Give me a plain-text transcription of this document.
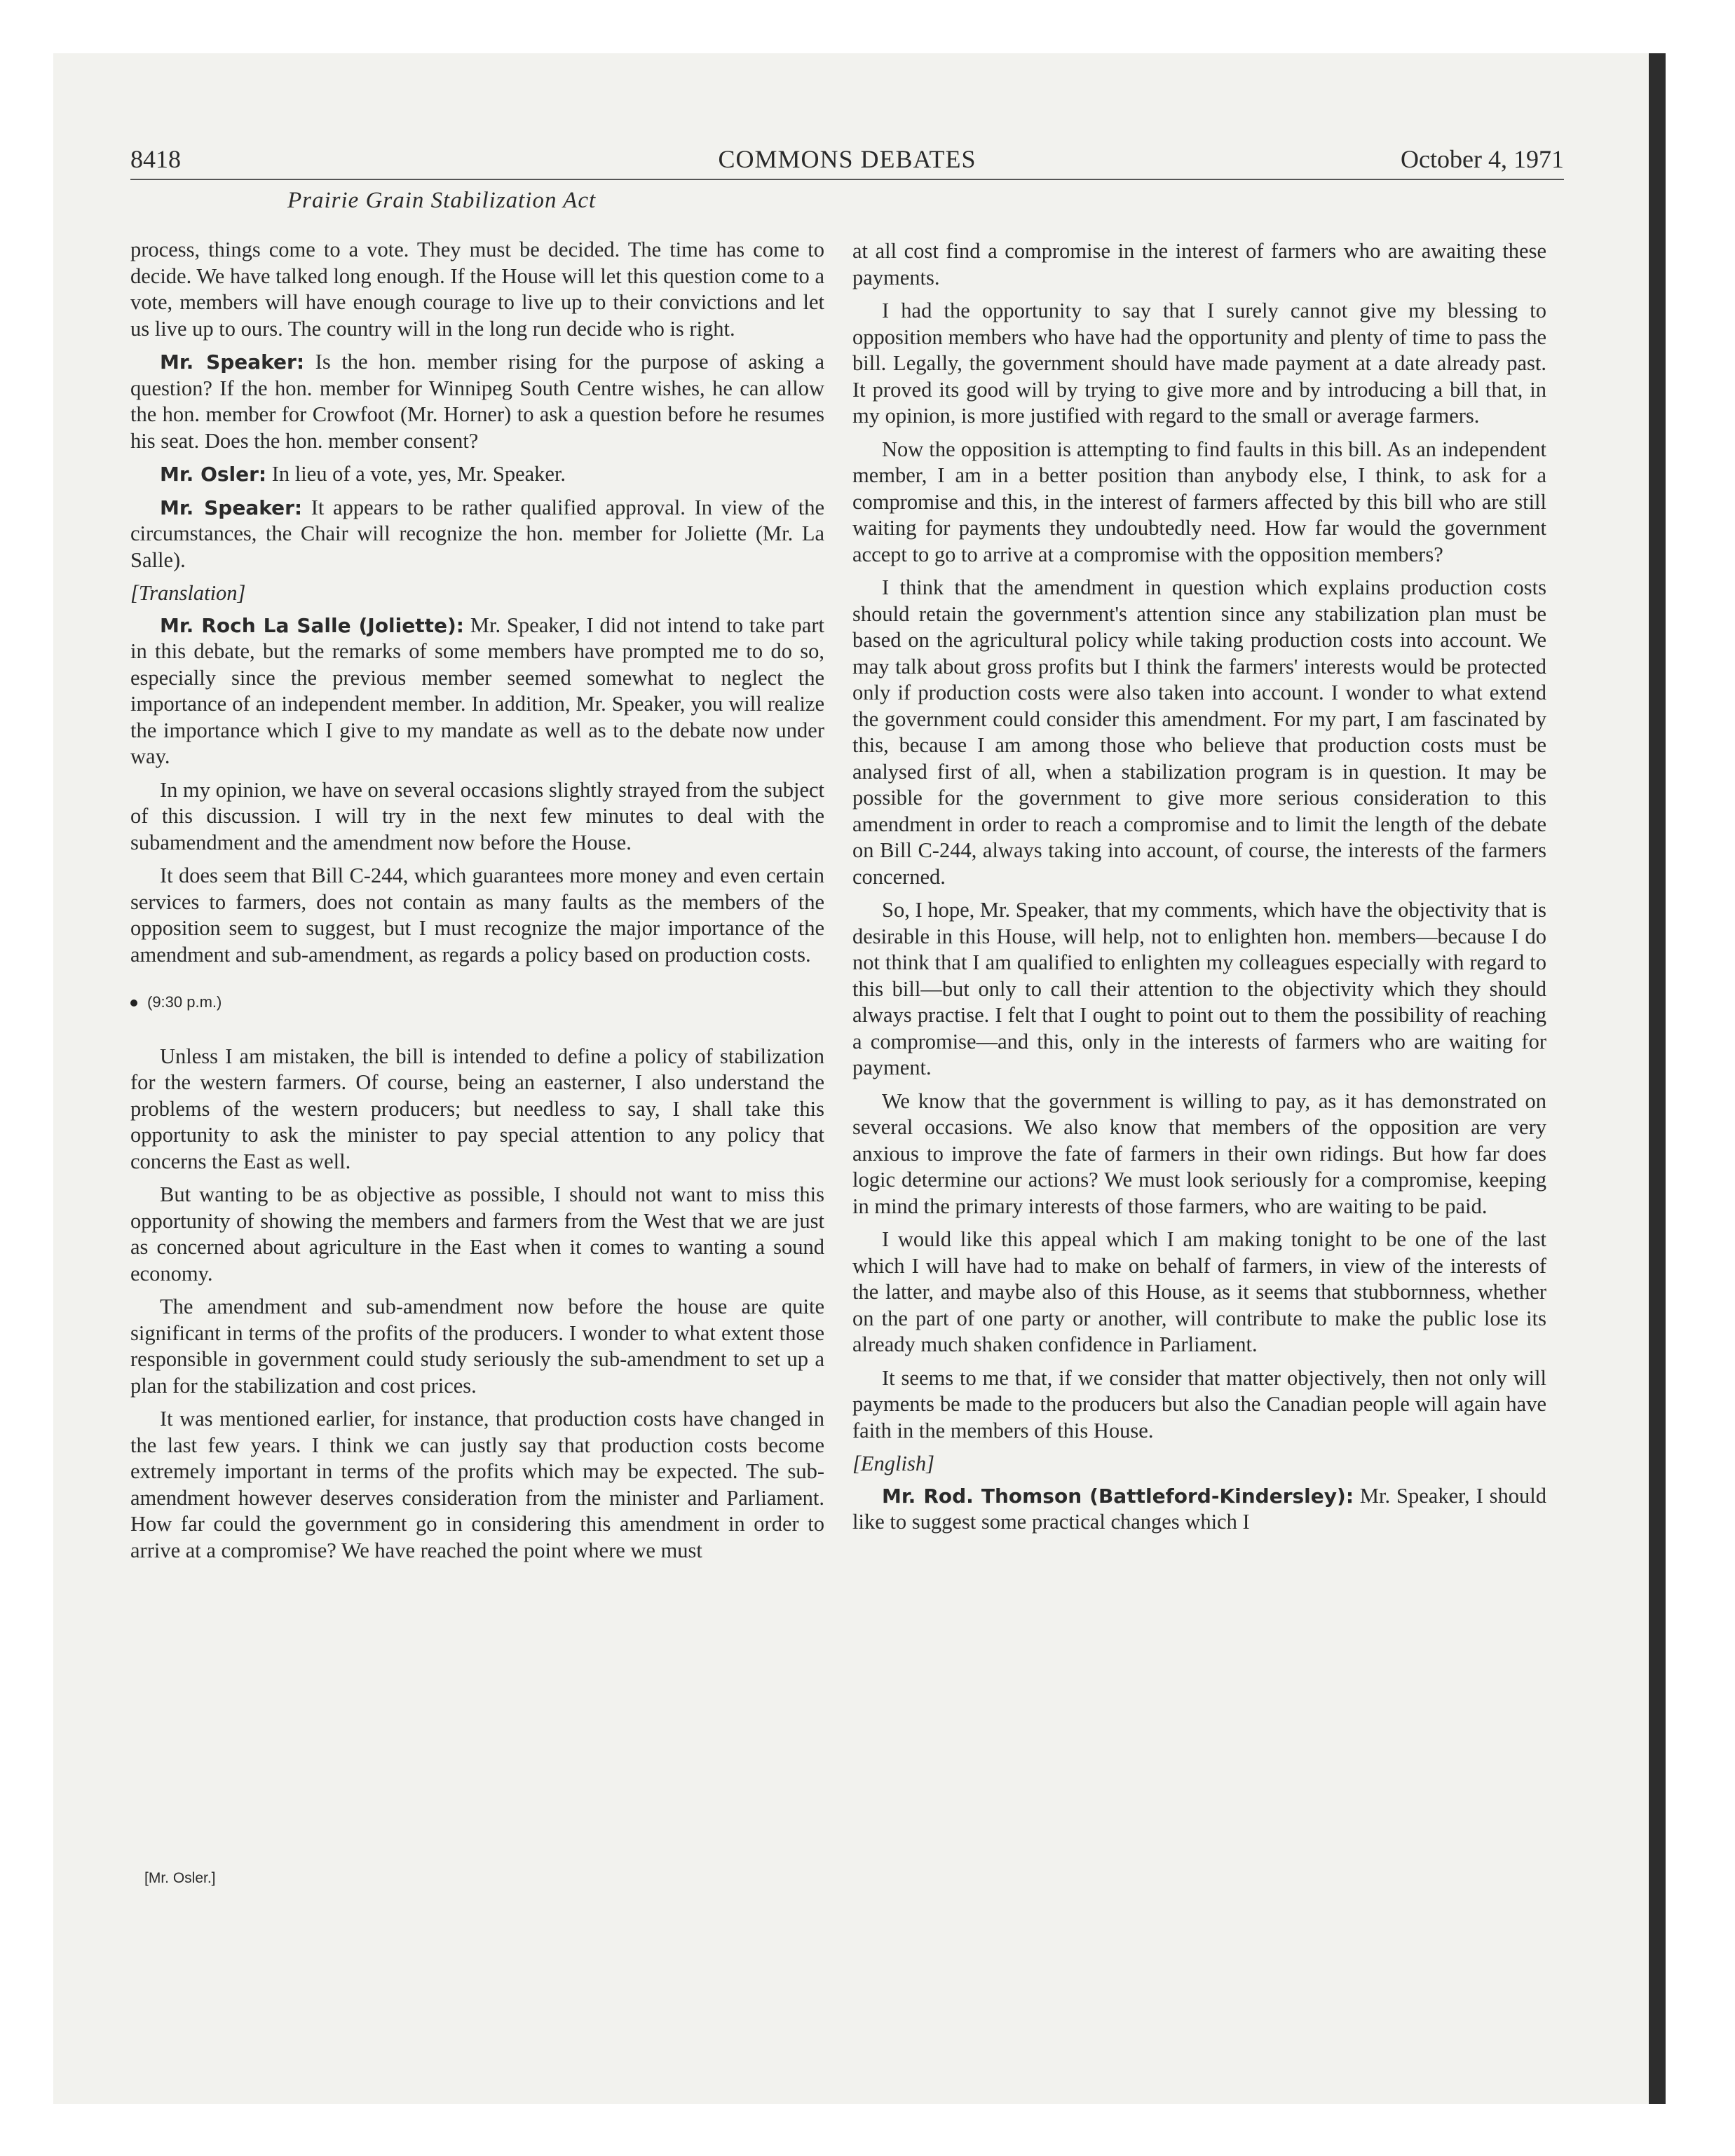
8418	COMMONS DEBATES	October 4, 1971
Prairie Grain Stabilization Act

process, things come to a vote. They must be decided. The time has come to decide. We have talked long enough. If the House will let this question come to a vote, members will have enough courage to live up to their convictions and let us live up to ours. The country will in the long run decide who is right.

Mr. Speaker: Is the hon. member rising for the purpose of asking a question? If the hon. member for Winnipeg South Centre wishes, he can allow the hon. member for Crowfoot (Mr. Horner) to ask a question before he resumes his seat. Does the hon. member consent?

Mr. Osler: In lieu of a vote, yes, Mr. Speaker.

Mr. Speaker: It appears to be rather qualified approval. In view of the circumstances, the Chair will recognize the hon. member for Joliette (Mr. La Salle).

[Translation]

Mr. Roch La Salle (Joliette): Mr. Speaker, I did not intend to take part in this debate, but the remarks of some members have prompted me to do so, especially since the previous member seemed somewhat to neglect the importance of an independent member. In addition, Mr. Speaker, you will realize the importance which I give to my mandate as well as to the debate now under way.

In my opinion, we have on several occasions slightly strayed from the subject of this discussion. I will try in the next few minutes to deal with the subamendment and the amendment now before the House.

It does seem that Bill C-244, which guarantees more money and even certain services to farmers, does not contain as many faults as the members of the opposition seem to suggest, but I must recognize the major importance of the amendment and sub-amendment, as regards a policy based on production costs.

(9:30 p.m.)

Unless I am mistaken, the bill is intended to define a policy of stabilization for the western farmers. Of course, being an easterner, I also understand the problems of the western producers; but needless to say, I shall take this opportunity to ask the minister to pay special attention to any policy that concerns the East as well.

But wanting to be as objective as possible, I should not want to miss this opportunity of showing the members and farmers from the West that we are just as concerned about agriculture in the East when it comes to wanting a sound economy.

The amendment and sub-amendment now before the house are quite significant in terms of the profits of the producers. I wonder to what extent those responsible in government could study seriously the sub-amendment to set up a plan for the stabilization and cost prices.

It was mentioned earlier, for instance, that production costs have changed in the last few years. I think we can justly say that production costs become extremely important in terms of the profits which may be expected. The sub-amendment however deserves consideration from the minister and Parliament. How far could the government go in considering this amendment in order to arrive at a compromise? We have reached the point where we must

[Mr. Osler.]

at all cost find a compromise in the interest of farmers who are awaiting these payments.

I had the opportunity to say that I surely cannot give my blessing to opposition members who have had the opportunity and plenty of time to pass the bill. Legally, the government should have made payment at a date already past. It proved its good will by trying to give more and by introducing a bill that, in my opinion, is more justified with regard to the small or average farmers.

Now the opposition is attempting to find faults in this bill. As an independent member, I am in a better position than anybody else, I think, to ask for a compromise and this, in the interest of farmers affected by this bill who are still waiting for payments they undoubtedly need. How far would the government accept to go to arrive at a compromise with the opposition members?

I think that the amendment in question which explains production costs should retain the government's attention since any stabilization plan must be based on the agricultural policy while taking production costs into account. We may talk about gross profits but I think the farmers' interests would be protected only if production costs were also taken into account. I wonder to what extend the government could consider this amendment. For my part, I am fascinated by this, because I am among those who believe that production costs must be analysed first of all, when a stabilization program is in question. It may be possible for the government to give more serious consideration to this amendment in order to reach a compromise and to limit the length of the debate on Bill C-244, always taking into account, of course, the interests of the farmers concerned.

So, I hope, Mr. Speaker, that my comments, which have the objectivity that is desirable in this House, will help, not to enlighten hon. members—because I do not think that I am qualified to enlighten my colleagues especially with regard to this bill—but only to call their attention to the objectivity which they should always practise. I felt that I ought to point out to them the possibility of reaching a compromise—and this, only in the interests of farmers who are waiting for payment.

We know that the government is willing to pay, as it has demonstrated on several occasions. We also know that members of the opposition are very anxious to improve the fate of farmers in their own ridings. But how far does logic determine our actions? We must look seriously for a compromise, keeping in mind the primary interests of those farmers, who are waiting to be paid.

I would like this appeal which I am making tonight to be one of the last which I will have had to make on behalf of farmers, in view of the interests of the latter, and maybe also of this House, as it seems that stubbornness, whether on the part of one party or another, will contribute to make the public lose its already much shaken confidence in Parliament.

It seems to me that, if we consider that matter objectively, then not only will payments be made to the producers but also the Canadian people will again have faith in the members of this House.

[English]

Mr. Rod. Thomson (Battleford-Kindersley): Mr. Speaker, I should like to suggest some practical changes which I
